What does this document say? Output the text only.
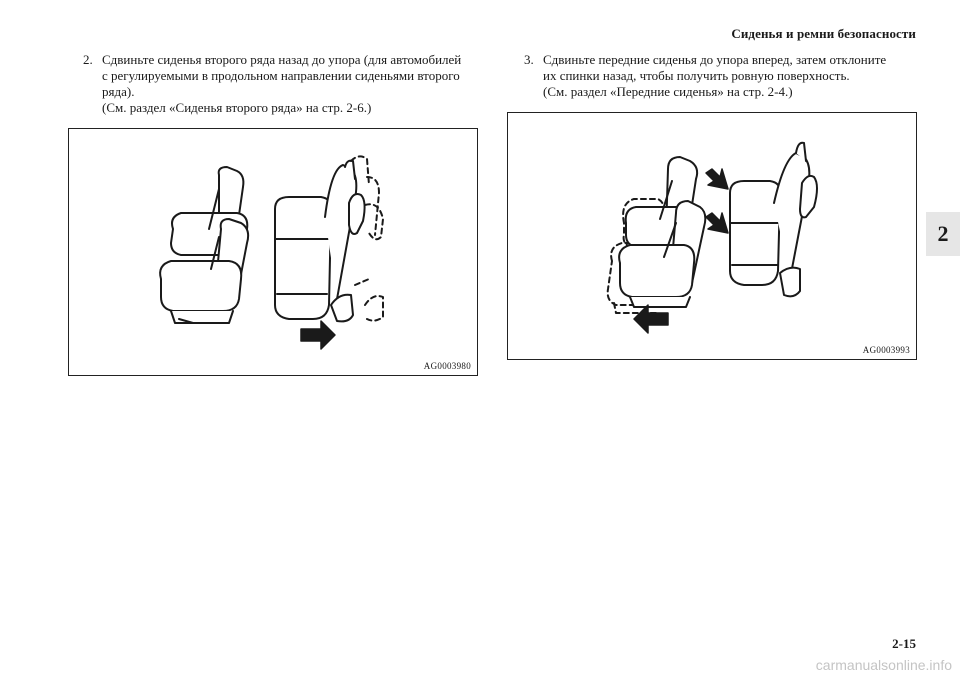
Сиденья и ремни безопасности
2
2. Сдвиньте сиденья второго ряда назад до упора (для автомобилей
с регулируемыми в продольном направлении сиденьями второго
ряда).
(См. раздел «Сиденья второго ряда» на стр. 2-6.)
3. Сдвиньте передние сиденья до упора вперед, затем отклоните
их спинки назад, чтобы получить ровную поверхность.
(См. раздел «Передние сиденья» на стр. 2-4.)
AG0003980
AG0003993
2-15
carmanualsonline.info
